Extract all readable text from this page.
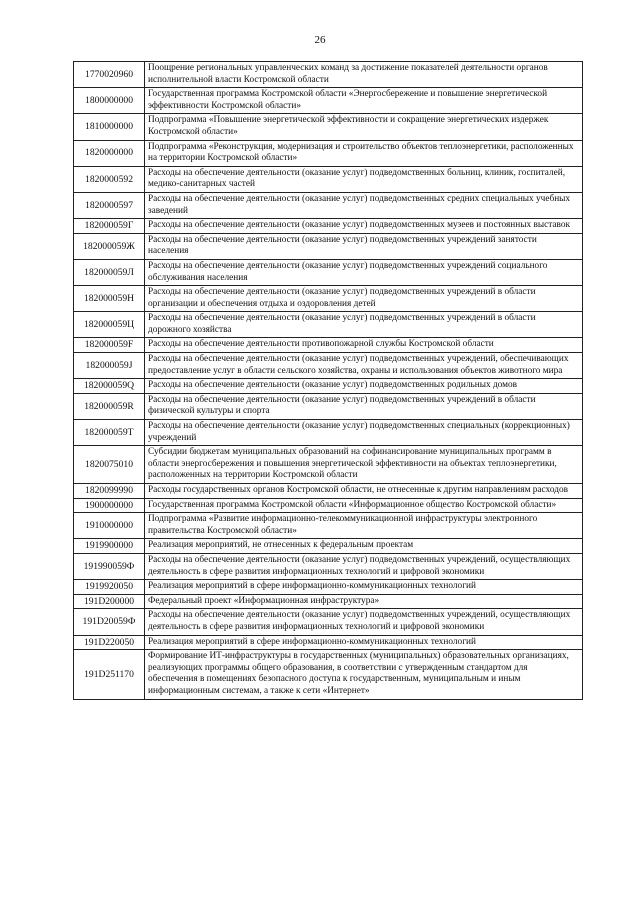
26
1770020960	Поощрение региональных управленческих команд за достижение показателей деятельности органов исполнительной власти Костромской области
1800000000	Государственная программа Костромской области «Энергосбережение и повышение энергетической эффективности Костромской области»
1810000000	Подпрограмма «Повышение энергетической эффективности и сокращение энергетических издержек Костромской области»
1820000000	Подпрограмма «Реконструкция, модернизация и строительство объектов теплоэнергетики, расположенных на территории Костромской области»
1820000592	Расходы на обеспечение деятельности (оказание услуг) подведомственных больниц, клиник, госпиталей, медико-санитарных частей
1820000597	Расходы на обеспечение деятельности (оказание услуг) подведомственных средних специальных учебных заведений
182000059Г	Расходы на обеспечение деятельности (оказание услуг) подведомственных музеев и постоянных выставок
182000059Ж	Расходы на обеспечение деятельности (оказание услуг) подведомственных учреждений занятости населения
182000059Л	Расходы на обеспечение деятельности (оказание услуг) подведомственных учреждений социального обслуживания населения
182000059Н	Расходы на обеспечение деятельности (оказание услуг) подведомственных учреждений в области организации и обеспечения отдыха и оздоровления детей
182000059Ц	Расходы на обеспечение деятельности (оказание услуг) подведомственных учреждений в области дорожного хозяйства
182000059F	Расходы на обеспечение деятельности противопожарной службы Костромской области
182000059J	Расходы на обеспечение деятельности (оказание услуг) подведомственных учреждений, обеспечивающих предоставление услуг в области сельского хозяйства, охраны и использования объектов животного мира
182000059Q	Расходы на обеспечение деятельности (оказание услуг) подведомственных родильных домов
182000059R	Расходы на обеспечение деятельности (оказание услуг) подведомственных учреждений в области физической культуры и спорта
182000059T	Расходы на обеспечение деятельности (оказание услуг) подведомственных специальных (коррекционных) учреждений
1820075010	Субсидии бюджетам муниципальных образований на софинансирование муниципальных программ в области энергосбережения и повышения энергетической эффективности на объектах теплоэнергетики, расположенных на территории Костромской области
1820099990	Расходы государственных органов Костромской области, не отнесенные к другим направлениям расходов
1900000000	Государственная программа Костромской области «Информационное общество Костромской области»
1910000000	Подпрограмма «Развитие информационно-телекоммуникационной инфраструктуры электронного правительства Костромской области»
1919900000	Реализация мероприятий, не отнесенных к федеральным проектам
191990059Ф	Расходы на обеспечение деятельности (оказание услуг) подведомственных учреждений, осуществляющих деятельность в сфере развития информационных технологий и цифровой экономики
1919920050	Реализация мероприятий в сфере информационно-коммуникационных технологий
191D200000	Федеральный проект «Информационная инфраструктура»
191D20059Ф	Расходы на обеспечение деятельности (оказание услуг) подведомственных учреждений, осуществляющих деятельность в сфере развития информационных технологий и цифровой экономики
191D220050	Реализация мероприятий в сфере информационно-коммуникационных технологий
191D251170	Формирование ИТ-инфраструктуры в государственных (муниципальных) образовательных организациях, реализующих программы общего образования, в соответствии с утвержденным стандартом для обеспечения в помещениях безопасного доступа к государственным, муниципальным и иным информационным системам, а также к сети «Интернет»
